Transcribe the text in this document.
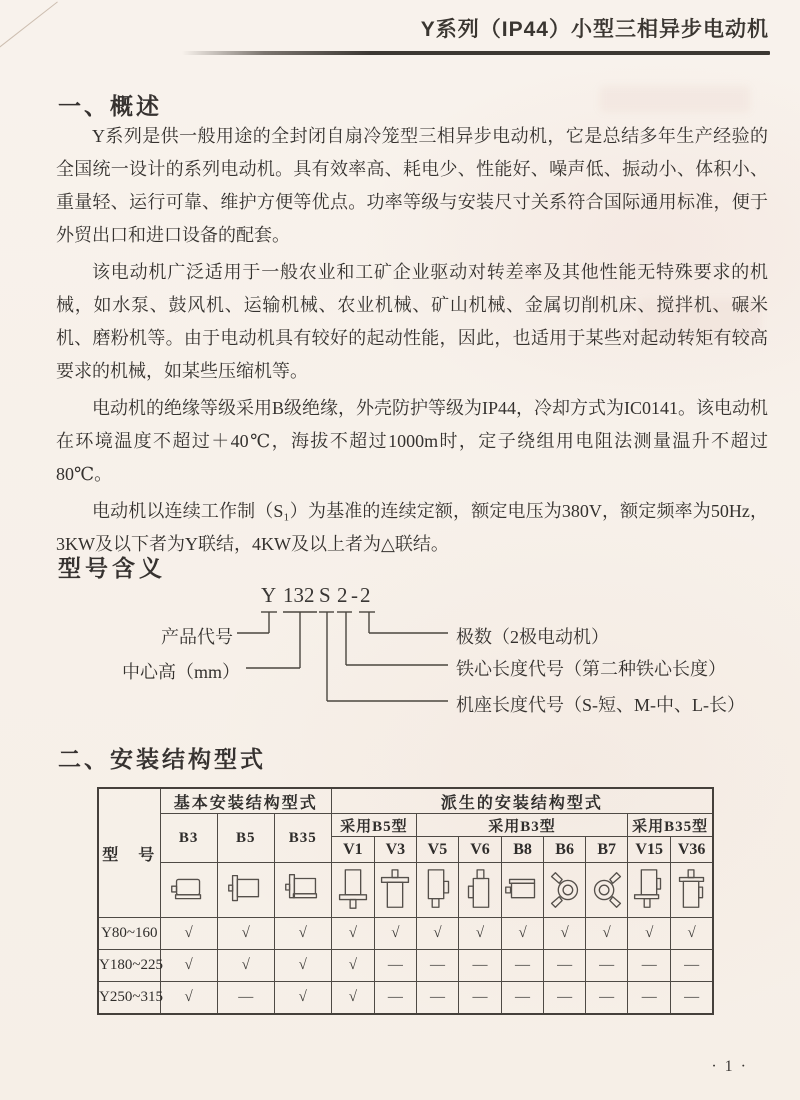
Y系列（IP44）小型三相异步电动机
一、概述

Y系列是供一般用途的全封闭自扇冷笼型三相异步电动机，它是总结多年生产经验的全国统一设计的系列电动机。具有效率高、耗电少、性能好、噪声低、振动小、体积小、重量轻、运行可靠、维护方便等优点。功率等级与安装尺寸关系符合国际通用标准，便于外贸出口和进口设备的配套。

该电动机广泛适用于一般农业和工矿企业驱动对转差率及其他性能无特殊要求的机械，如水泵、鼓风机、运输机械、农业机械、矿山机械、金属切削机床、搅拌机、碾米机、磨粉机等。由于电动机具有较好的起动性能，因此，也适用于某些对起动转矩有较高要求的机械，如某些压缩机等。

电动机的绝缘等级采用B级绝缘，外壳防护等级为IP44，冷却方式为IC0141。该电动机在环境温度不超过＋40℃，海拔不超过1000m时，定子绕组用电阻法测量温升不超过80℃。

电动机以连续工作制（S₁）为基准的连续定额，额定电压为380V，额定频率为50Hz，3KW及以下者为Y联结，4KW及以上者为△联结。

型号含义
Y 132 S 2 - 2
产品代号
中心高（mm）
极数（2极电动机）
铁心长度代号（第二种铁心长度）
机座长度代号（S-短、M-中、L-长）
二、安装结构型式
型　号	基本安装结构型式			派生的安装结构型式								
	B3	B5	B35	采用B5型		采用B3型					采用B35型	
				V1	V3	V5	V6	B8	B6	B7	V15	V36

Y80~160	√	√	√	√	√	√	√	√	√	√	√	√
Y180~225	√	√	√	√	—	—	—	—	—	—	—	—
Y250~315	√	—	√	√	—	—	—	—	—	—	—	—
· 1 ·
